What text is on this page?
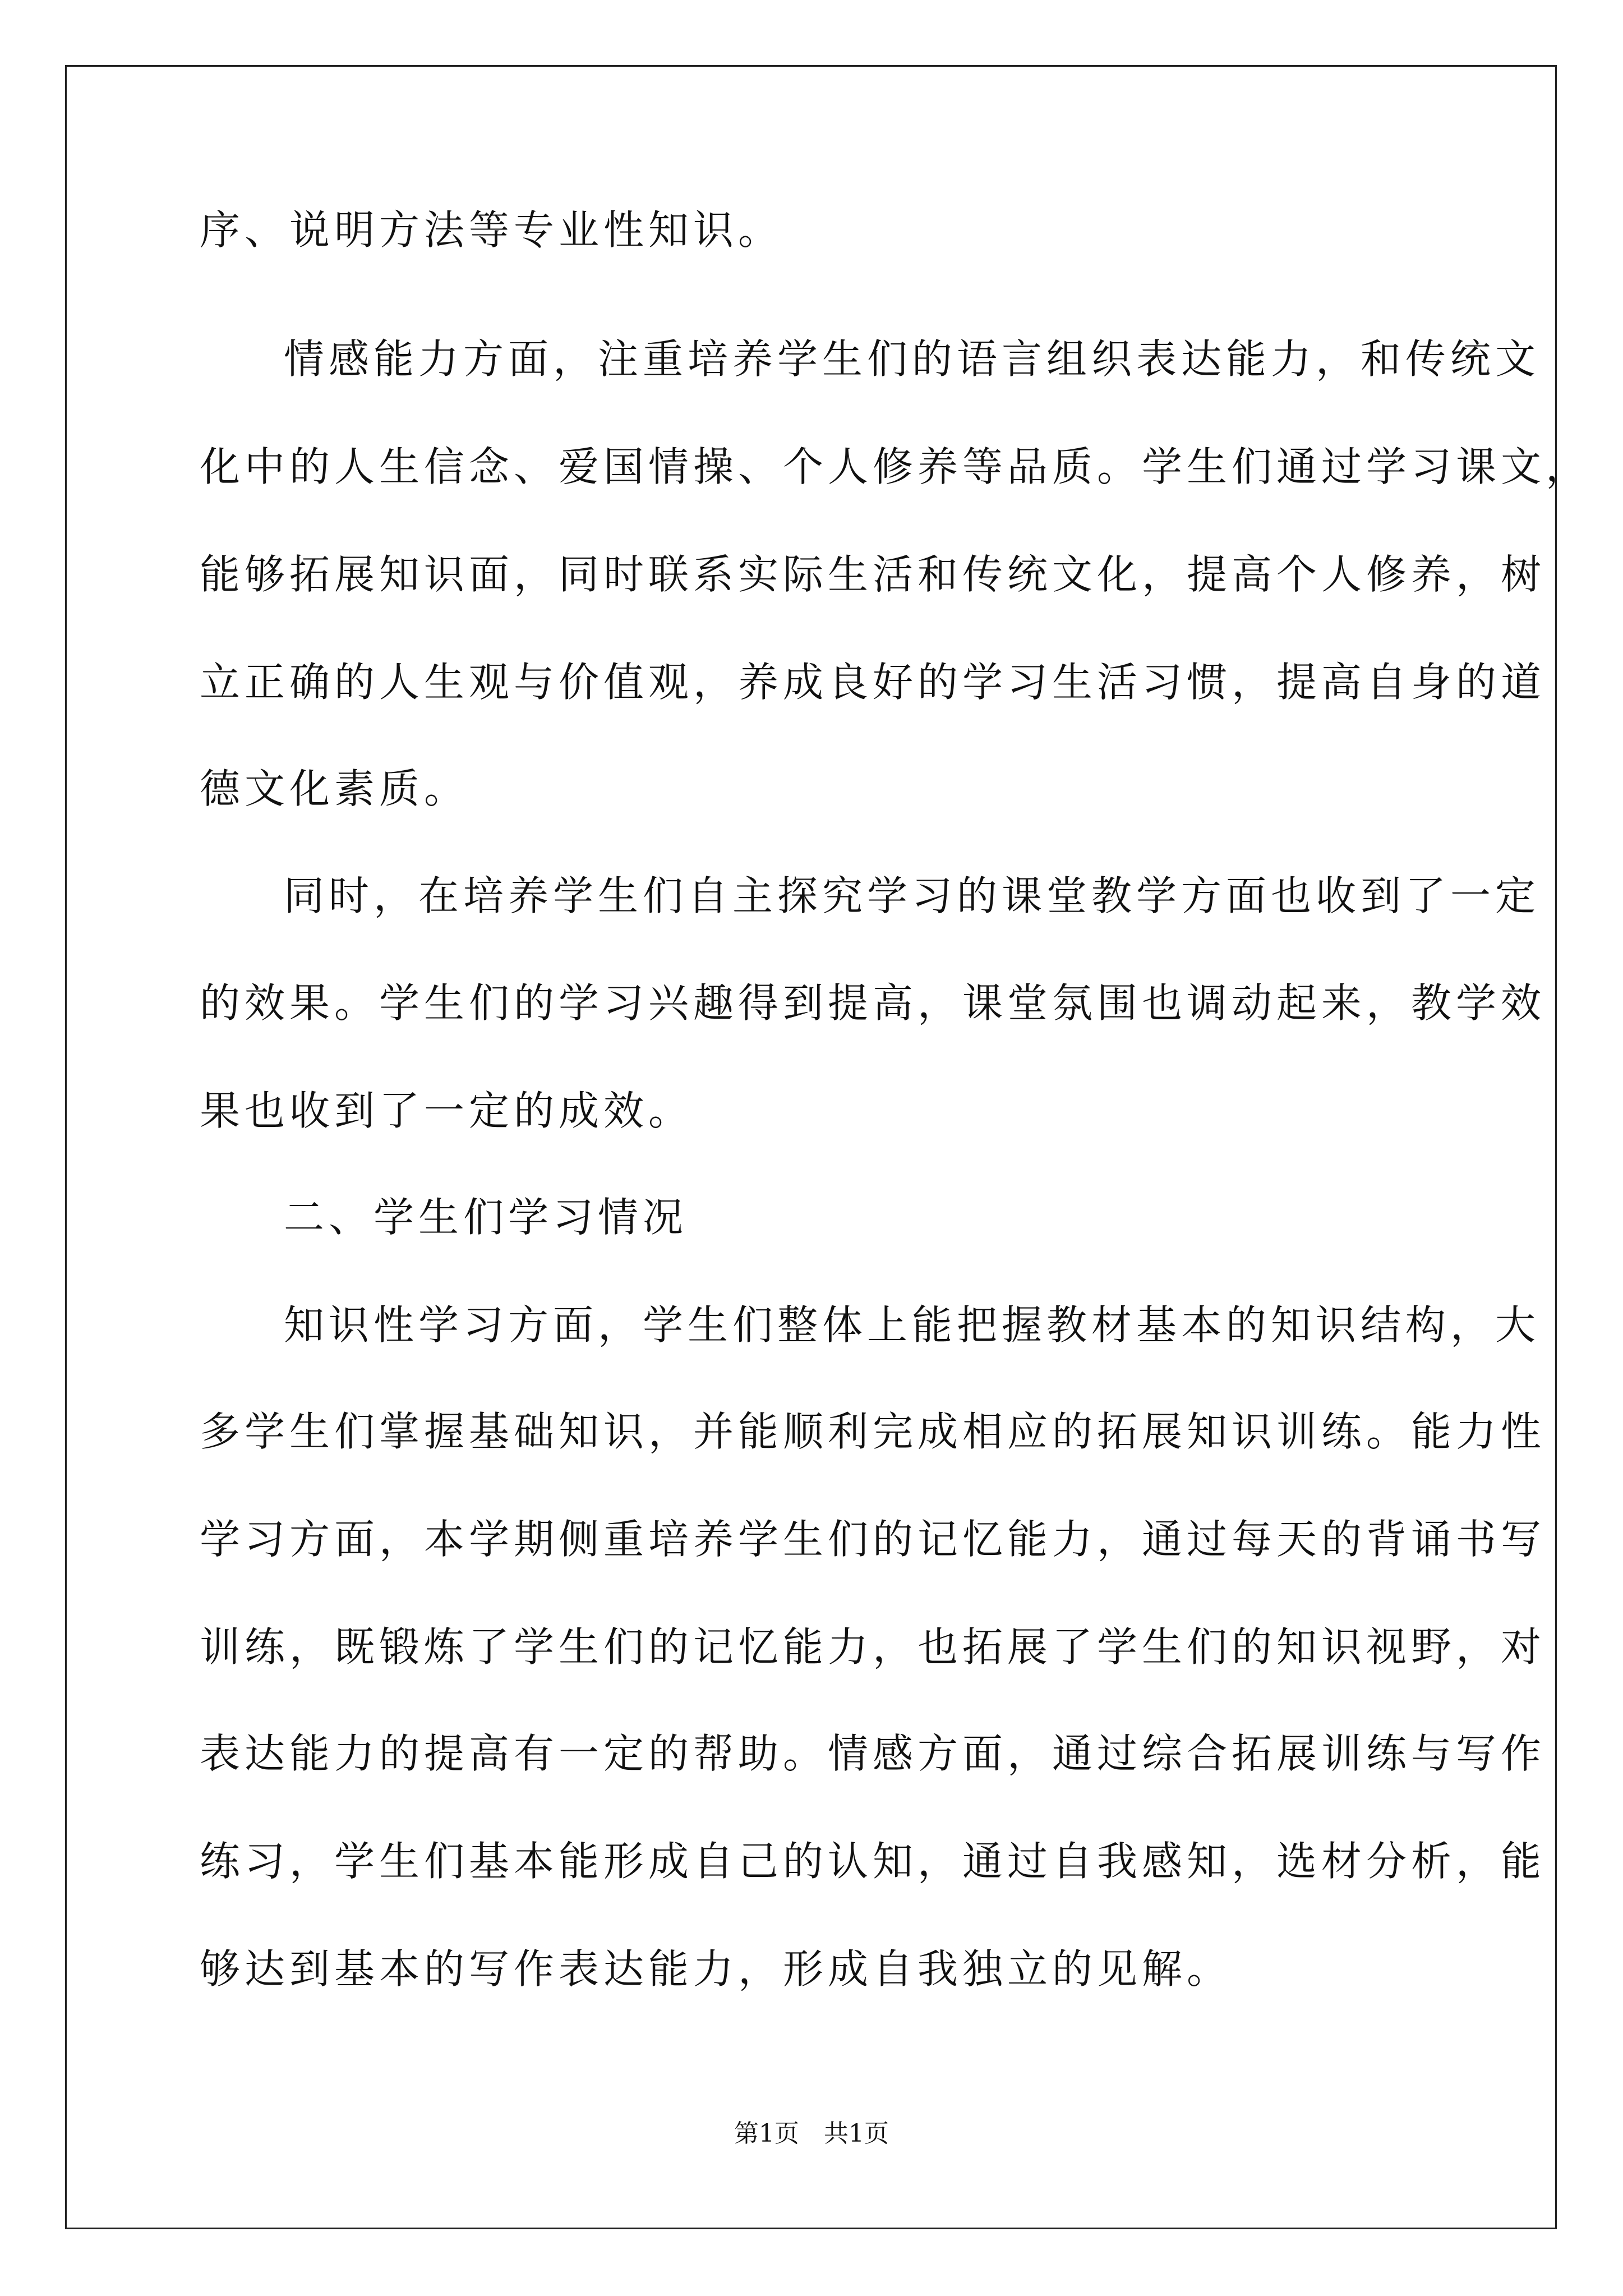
序、说明方法等专业性知识。
情感能力方面，注重培养学生们的语言组织表达能力，和传统文
化中的人生信念、爱国情操、个人修养等品质。学生们通过学习课文，
能够拓展知识面，同时联系实际生活和传统文化，提高个人修养，树
立正确的人生观与价值观，养成良好的学习生活习惯，提高自身的道
德文化素质。
同时，在培养学生们自主探究学习的课堂教学方面也收到了一定
的效果。学生们的学习兴趣得到提高，课堂氛围也调动起来，教学效
果也收到了一定的成效。
二、学生们学习情况
知识性学习方面，学生们整体上能把握教材基本的知识结构，大
多学生们掌握基础知识，并能顺利完成相应的拓展知识训练。能力性
学习方面，本学期侧重培养学生们的记忆能力，通过每天的背诵书写
训练，既锻炼了学生们的记忆能力，也拓展了学生们的知识视野，对
表达能力的提高有一定的帮助。情感方面，通过综合拓展训练与写作
练习，学生们基本能形成自己的认知，通过自我感知，选材分析，能
够达到基本的写作表达能力，形成自我独立的见解。
第1页　共1页
